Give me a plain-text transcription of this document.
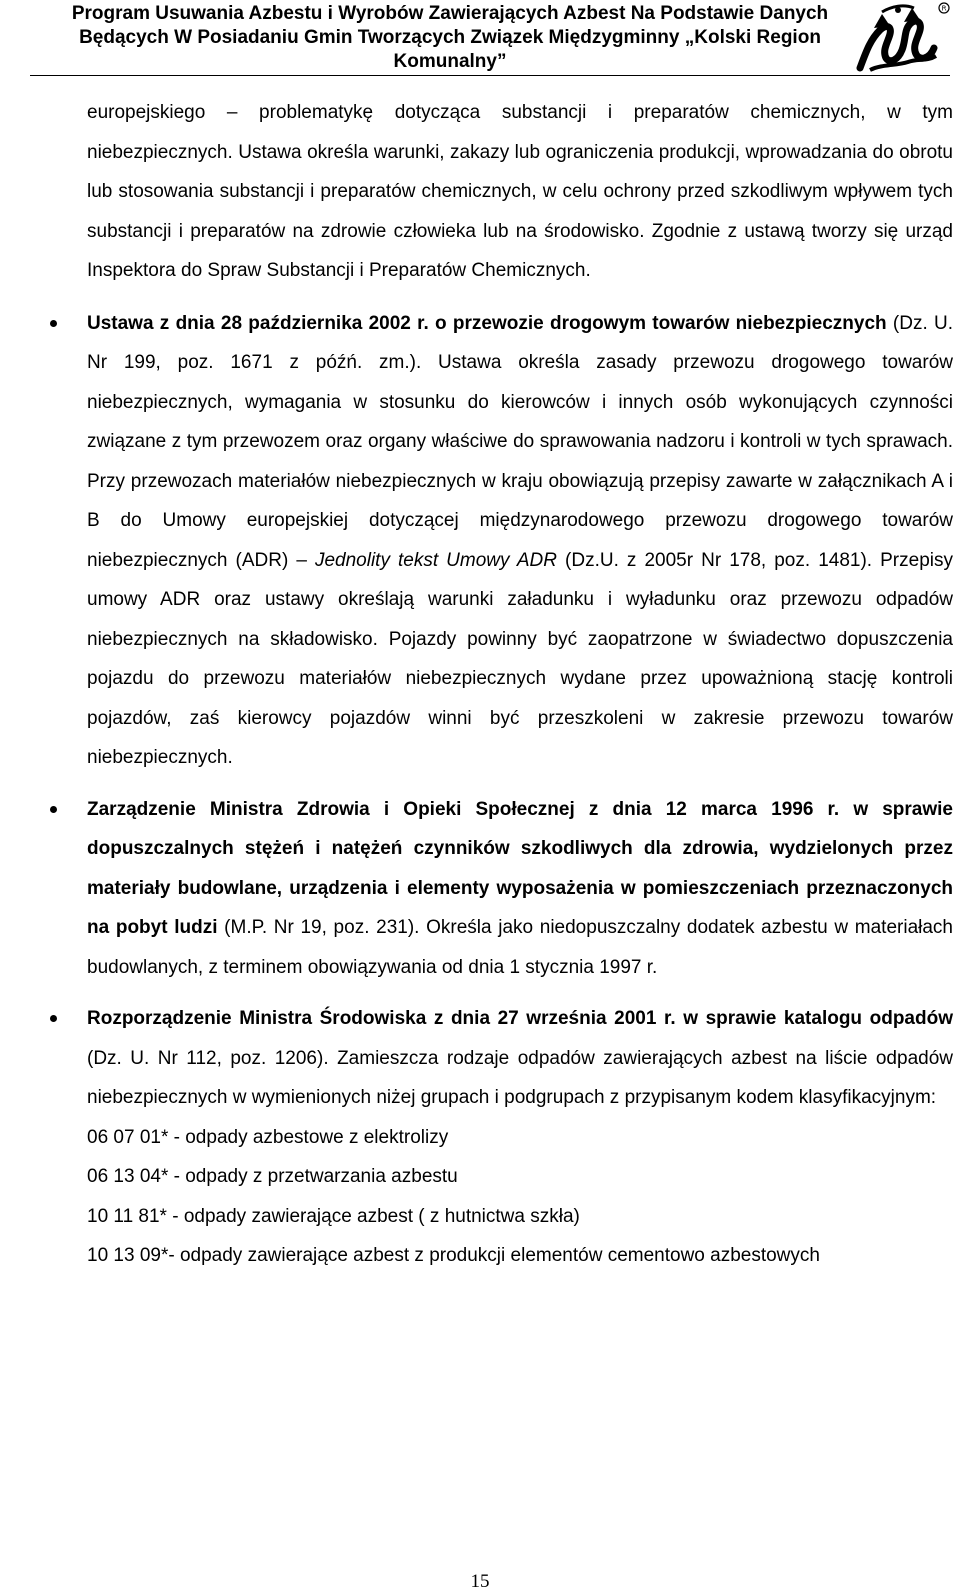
Program Usuwania Azbestu i Wyrobów Zawierających Azbest Na Podstawie Danych Będących W Posiadaniu Gmin Tworzących Związek Międzygminny „Kolski Region Komunalny”
R

europejskiego – problematykę dotycząca substancji i preparatów chemicznych, w tym niebezpiecznych. Ustawa określa warunki, zakazy lub ograniczenia produkcji, wprowadzania do obrotu lub stosowania substancji i preparatów chemicznych, w celu ochrony przed szkodliwym wpływem tych substancji i preparatów na zdrowie człowieka lub na środowisko. Zgodnie z ustawą tworzy się urząd Inspektora do Spraw Substancji i Preparatów Chemicznych.

Ustawa z dnia 28 października 2002 r. o przewozie drogowym towarów niebezpiecznych (Dz. U. Nr 199, poz. 1671 z późń. zm.). Ustawa określa zasady przewozu drogowego towarów niebezpiecznych, wymagania w stosunku do kierowców i innych osób wykonujących czynności związane z tym przewozem oraz organy właściwe do sprawowania nadzoru i kontroli w tych sprawach. Przy przewozach materiałów niebezpiecznych w kraju obowiązują przepisy zawarte w załącznikach A i B do Umowy europejskiej dotyczącej międzynarodowego przewozu drogowego towarów niebezpiecznych (ADR) – Jednolity tekst Umowy ADR (Dz.U. z 2005r Nr 178, poz. 1481). Przepisy umowy ADR oraz ustawy określają warunki załadunku i wyładunku oraz przewozu odpadów niebezpiecznych na składowisko. Pojazdy powinny być zaopatrzone w świadectwo dopuszczenia pojazdu do przewozu materiałów niebezpiecznych wydane przez upoważnioną stację kontroli pojazdów, zaś kierowcy pojazdów winni być przeszkoleni w zakresie przewozu towarów niebezpiecznych.
Zarządzenie Ministra Zdrowia i Opieki Społecznej z dnia 12 marca 1996 r. w sprawie dopuszczalnych stężeń i natężeń czynników szkodliwych dla zdrowia, wydzielonych przez materiały budowlane, urządzenia i elementy wyposażenia w pomieszczeniach przeznaczonych na pobyt ludzi (M.P. Nr 19, poz. 231). Określa jako niedopuszczalny dodatek azbestu w materiałach budowlanych, z terminem obowiązywania od dnia 1 stycznia 1997 r.
Rozporządzenie Ministra Środowiska z dnia 27 września 2001 r. w sprawie katalogu odpadów (Dz. U. Nr 112, poz. 1206). Zamieszcza rodzaje odpadów zawierających azbest na liście odpadów niebezpiecznych w wymienionych niżej grupach i podgrupach z przypisanym kodem klasyfikacyjnym:
06 07 01* - odpady azbestowe z elektrolizy
06 13 04* - odpady z przetwarzania azbestu
10 11 81* - odpady zawierające azbest ( z hutnictwa szkła)
10 13 09*- odpady zawierające azbest z produkcji elementów cementowo azbestowych
15
